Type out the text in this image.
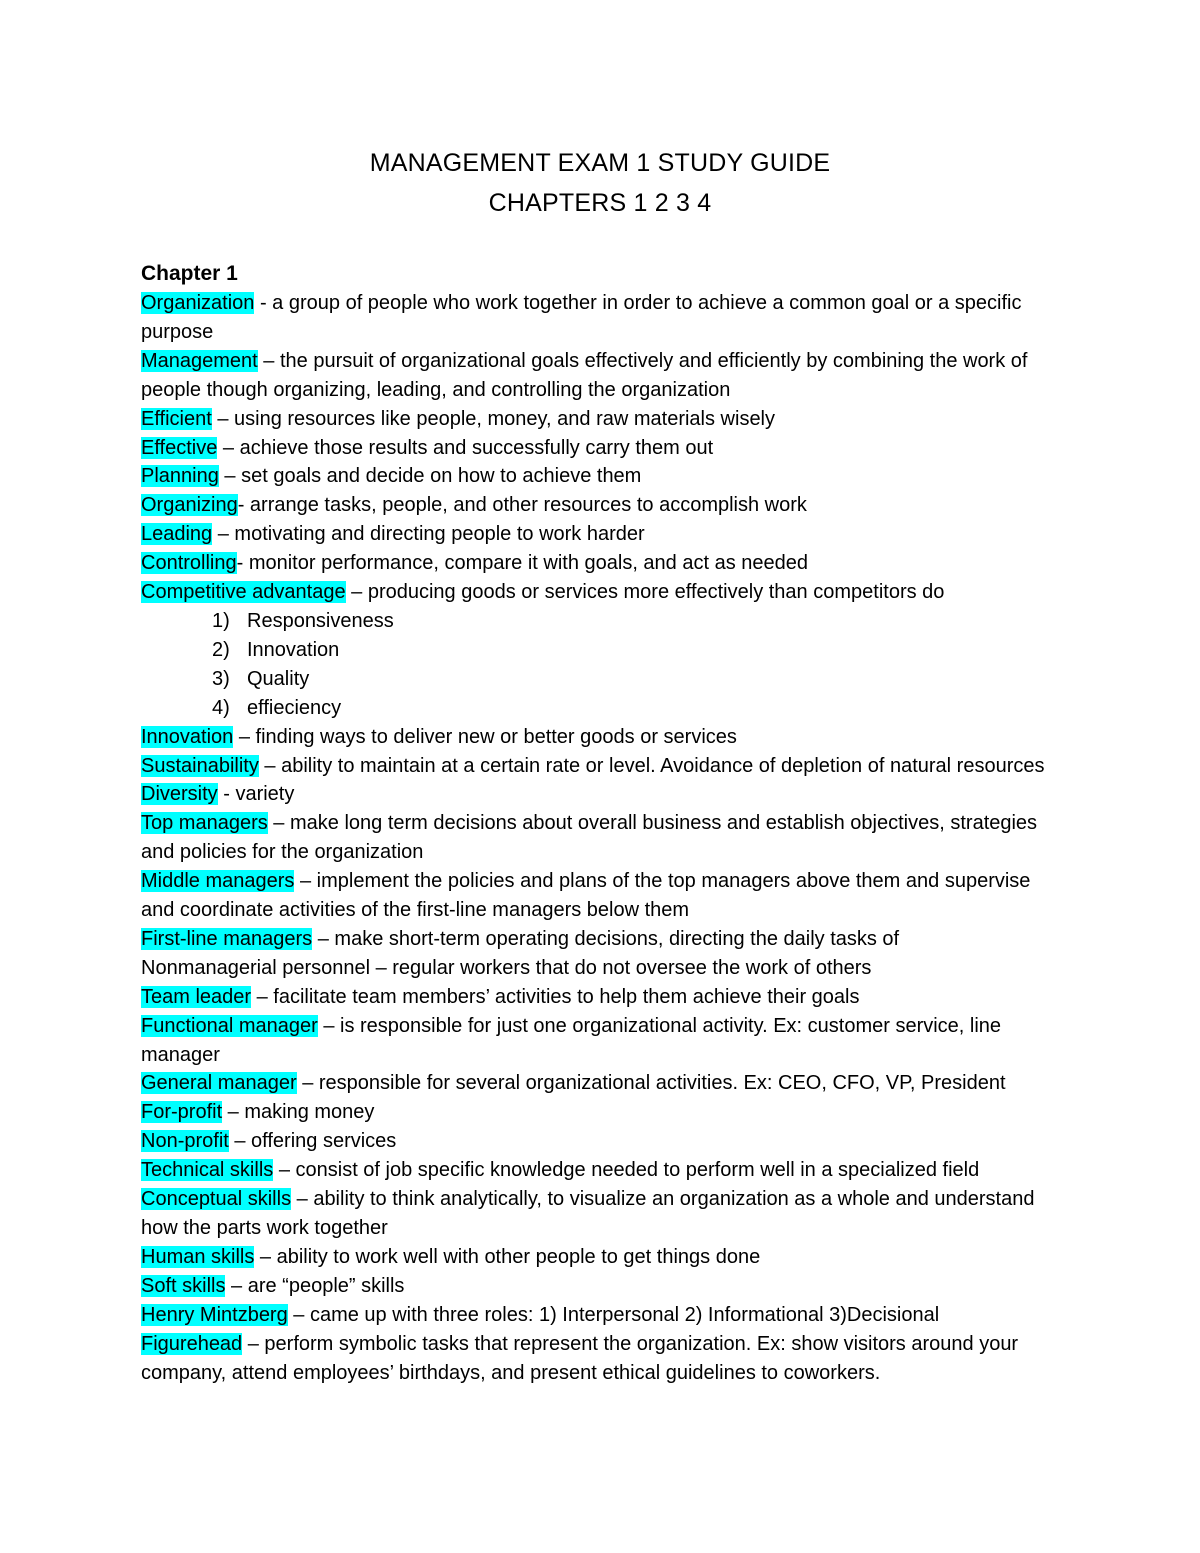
MANAGEMENT EXAM 1 STUDY GUIDE
CHAPTERS 1 2 3 4
Chapter 1

Organization - a group of people who work together in order to achieve a common goal or a specific purpose

Management – the pursuit of organizational goals effectively and efficiently by combining the work of people though organizing, leading, and controlling the organization

Efficient – using resources like people, money, and raw materials wisely

Effective – achieve those results and successfully carry them out

Planning – set goals and decide on how to achieve them

Organizing- arrange tasks, people, and other resources to accomplish work

Leading – motivating and directing people to work harder

Controlling- monitor performance, compare it with goals, and act as needed

Competitive advantage – producing goods or services more effectively than competitors do

1) Responsiveness
2) Innovation
3) Quality
4) effieciency

Innovation – finding ways to deliver new or better goods or services

Sustainability – ability to maintain at a certain rate or level. Avoidance of depletion of natural resources

Diversity - variety

Top managers – make long term decisions about overall business and establish objectives, strategies and policies for the organization

Middle managers – implement the policies and plans of the top managers above them and supervise and coordinate activities of the first-line managers below them

First-line managers – make short-term operating decisions, directing the daily tasks of

Nonmanagerial personnel – regular workers that do not oversee the work of others

Team leader – facilitate team members’ activities to help them achieve their goals

Functional manager – is responsible for just one organizational activity. Ex: customer service, line manager

General manager – responsible for several organizational activities. Ex: CEO, CFO, VP, President

For-profit – making money

Non-profit – offering services

Technical skills – consist of job specific knowledge needed to perform well in a specialized field

Conceptual skills – ability to think analytically, to visualize an organization as a whole and understand how the parts work together

Human skills – ability to work well with other people to get things done

Soft skills – are “people” skills

Henry Mintzberg – came up with three roles: 1) Interpersonal 2) Informational 3)Decisional

Figurehead – perform symbolic tasks that represent the organization. Ex: show visitors around your company, attend employees’ birthdays, and present ethical guidelines to coworkers.
